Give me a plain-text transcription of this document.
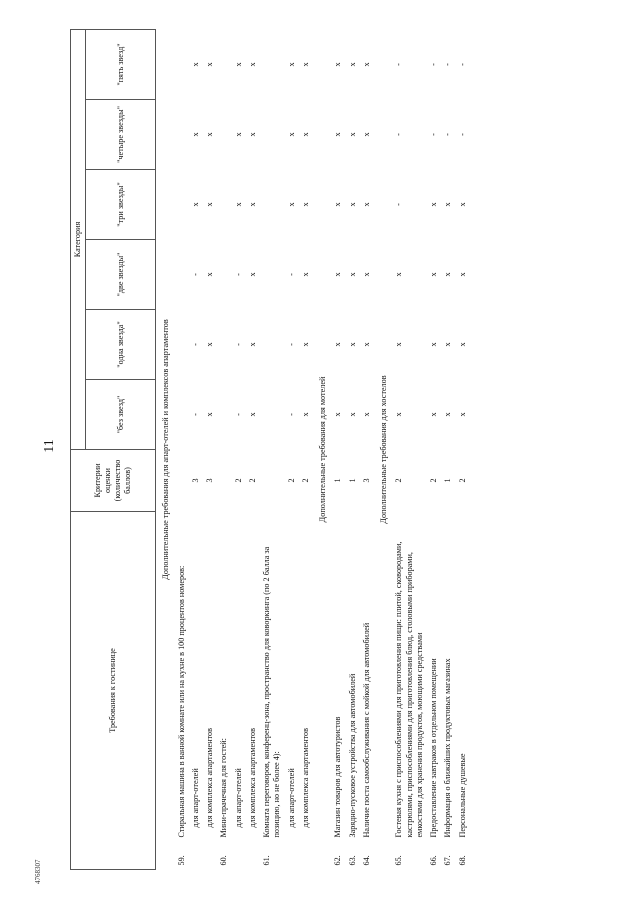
11
4768307
Требования к гостинице		Критерии оценки (количество баллов)	Категория					
			"без звезд"	"одна звезда"	"две звезды"	"три звезды"	"четыре звезды"	"пять звезд"
Дополнительные требования для апарт-отелей и комплексов апартаментов								
59.	Стиральная машина в ванной комнате или на кухне в 100 процентов номеров:							
	для апарт-отелей	3	-	-	-	x	x	x
	для комплекса апартаментов	3	x	x	x	x	x	x
60.	Мини-прачечная для гостей:							
	для апарт-отелей	2	-	-	-	x	x	x
	для комплекса апартаментов	2	x	x	x	x	x	x
61.	Комната переговоров, конференц-зона, пространство для коворкинга (по 2 балла за позицию, но не более 4):							
	для апарт-отелей	2	-	-	-	x	x	x
	для комплекса апартаментов	2	x	x	x	x	x	x
Дополнительные требования для мотелей								
62.	Магазин товаров для автотуристов	1	x	x	x	x	x	x
63.	Зарядно-пусковое устройства для автомобилей	1	x	x	x	x	x	x
64.	Наличие поста самообслуживания с мойкой для автомобилей	3	x	x	x	x	x	x
Дополнительные требования для хостелов								
65.	Гостевая кухня с приспособлениями для приготовления пищи: плитой, сковородами, кастрюлями, приспособлениями для приготовления блюд, столовыми приборами, емкостями для хранения продуктов, моющими средствами	2	x	x	x	-	-	-
66.	Предоставление завтраков в отдельном помещении	2	x	x	x	x	-	-
67.	Информация о ближайших продуктовых магазинах	1	x	x	x	x	-	-
68.	Персональные душевые	2	x	x	x	x	-	-
